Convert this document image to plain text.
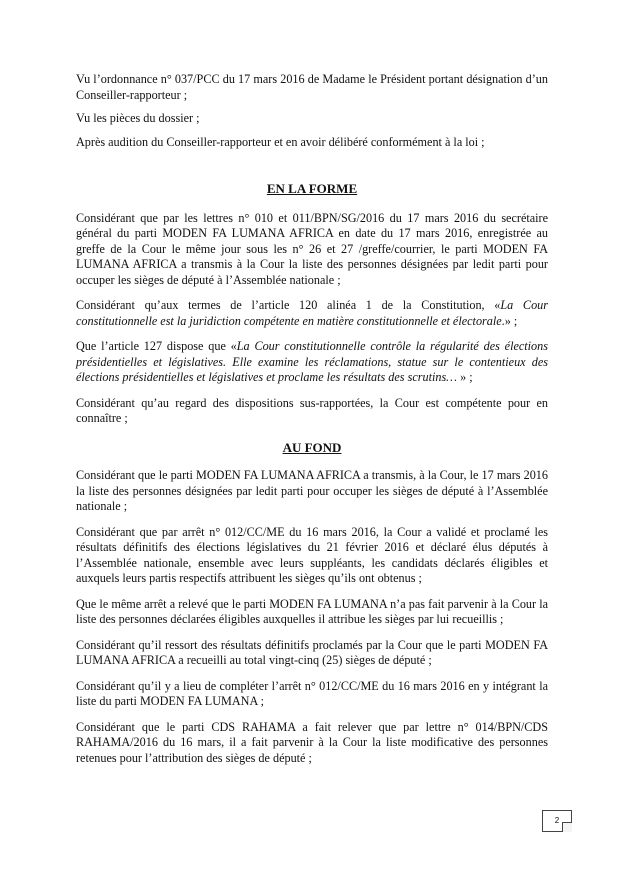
Vu l’ordonnance n° 037/PCC du 17 mars 2016 de Madame le Président portant désignation d’un Conseiller-rapporteur ;

Vu les pièces du dossier ;

Après audition du Conseiller-rapporteur et en avoir délibéré conformément à la loi ;

EN LA FORME

Considérant que par les lettres n° 010 et 011/BPN/SG/2016 du 17 mars 2016 du secrétaire général du parti MODEN FA LUMANA AFRICA en date du 17 mars 2016, enregistrée au greffe de la Cour le même jour sous les n° 26 et 27 /greffe/courrier, le parti MODEN FA LUMANA AFRICA a transmis à la Cour la liste des personnes désignées par ledit parti pour occuper les sièges de député à l’Assemblée nationale ;

Considérant qu’aux termes de l’article 120 alinéa 1 de la Constitution, «La Cour constitutionnelle est la juridiction compétente en matière constitutionnelle et électorale.» ;

Que l’article 127 dispose que «La Cour constitutionnelle contrôle la régularité des élections présidentielles et législatives. Elle examine les réclamations, statue sur le contentieux des élections présidentielles et législatives et proclame les résultats des scrutins… » ;

Considérant qu’au regard des dispositions sus-rapportées, la Cour est compétente pour en connaître ;

AU FOND

Considérant que le parti MODEN FA LUMANA AFRICA a transmis, à la Cour, le 17 mars 2016 la liste des personnes désignées par ledit parti pour occuper les sièges de député à l’Assemblée nationale ;

Considérant que par arrêt n° 012/CC/ME du 16 mars 2016, la Cour a validé et proclamé les résultats définitifs des élections législatives du 21 février 2016 et déclaré élus députés à l’Assemblée nationale, ensemble avec leurs suppléants, les candidats déclarés éligibles et auxquels leurs partis respectifs attribuent les sièges qu’ils ont obtenus ;

Que le même arrêt a relevé que le parti MODEN FA LUMANA n’a pas fait parvenir à la Cour la liste des personnes déclarées éligibles auxquelles il attribue les sièges par lui recueillis ;

Considérant qu’il ressort des résultats définitifs proclamés par la Cour que le parti MODEN FA LUMANA AFRICA a recueilli au total vingt-cinq (25) sièges de député ;

Considérant qu’il y a lieu de compléter l’arrêt n° 012/CC/ME du 16 mars 2016 en y intégrant la liste du parti MODEN FA LUMANA ;

Considérant que le parti CDS RAHAMA a fait relever que par lettre n° 014/BPN/CDS RAHAMA/2016 du 16 mars, il a fait parvenir à la Cour la liste modificative des personnes retenues pour l’attribution des sièges de député ;

2
